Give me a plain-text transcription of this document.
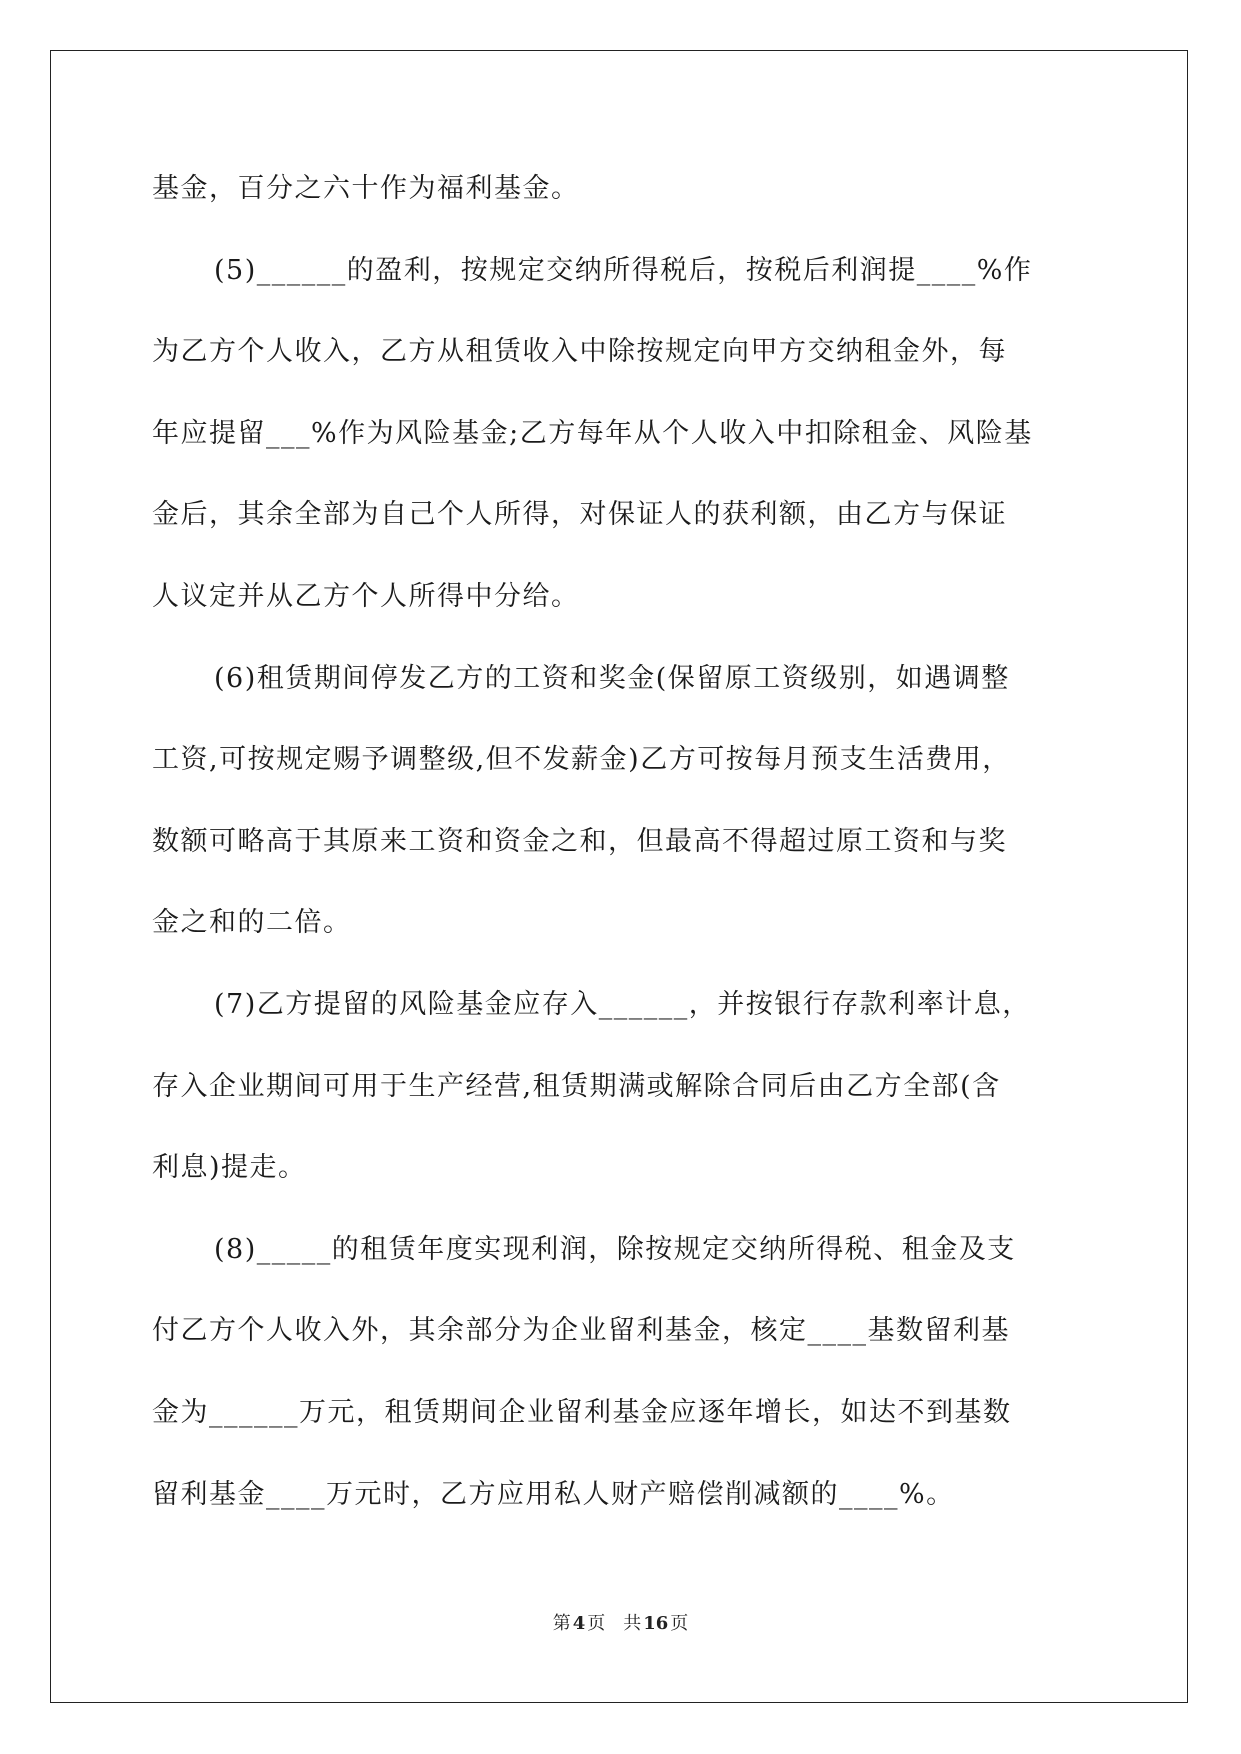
基金，百分之六十作为福利基金。
(5)______的盈利，按规定交纳所得税后，按税后利润提____%作
为乙方个人收入，乙方从租赁收入中除按规定向甲方交纳租金外，每
年应提留___%作为风险基金;乙方每年从个人收入中扣除租金、风险基
金后，其余全部为自己个人所得，对保证人的获利额，由乙方与保证
人议定并从乙方个人所得中分给。
(6)租赁期间停发乙方的工资和奖金(保留原工资级别，如遇调整
工资,可按规定赐予调整级,但不发薪金)乙方可按每月预支生活费用，
数额可略高于其原来工资和资金之和，但最高不得超过原工资和与奖
金之和的二倍。
(7)乙方提留的风险基金应存入______，并按银行存款利率计息，
存入企业期间可用于生产经营,租赁期满或解除合同后由乙方全部(含
利息)提走。
(8)_____的租赁年度实现利润，除按规定交纳所得税、租金及支
付乙方个人收入外，其余部分为企业留利基金，核定____基数留利基
金为______万元，租赁期间企业留利基金应逐年增长，如达不到基数
留利基金____万元时，乙方应用私人财产赔偿削减额的____%。
第 4 页 共 16 页
